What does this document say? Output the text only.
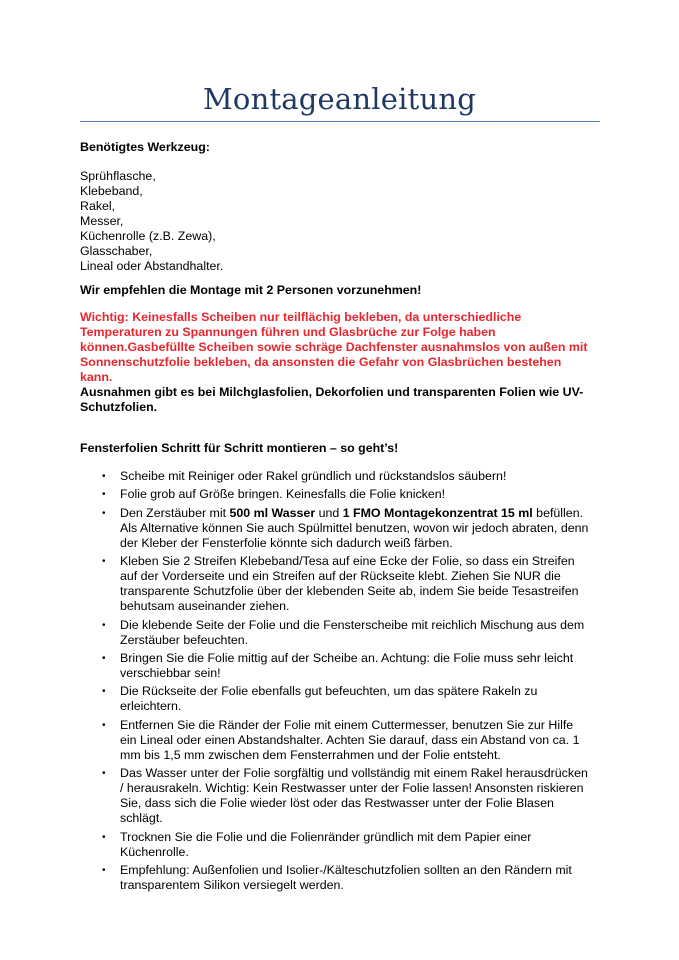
Montageanleitung
Benötigtes Werkzeug:
Sprühflasche,
Klebeband,
Rakel,
Messer,
Küchenrolle (z.B. Zewa),
Glasschaber,
Lineal oder Abstandhalter.
Wir empfehlen die Montage mit 2 Personen vorzunehmen!
Wichtig: Keinesfalls Scheiben nur teilflächig bekleben, da unterschiedliche
Temperaturen zu Spannungen führen und Glasbrüche zur Folge haben
können.Gasbefüllte Scheiben sowie schräge Dachfenster ausnahmslos von außen mit
Sonnenschutzfolie bekleben, da ansonsten die Gefahr von Glasbrüchen bestehen
kann.
Ausnahmen gibt es bei Milchglasfolien, Dekorfolien und transparenten Folien wie UV-
Schutzfolien.
Fensterfolien Schritt für Schritt montieren – so geht’s!
•
Scheibe mit Reiniger oder Rakel gründlich und rückstandslos säubern!
•
Folie grob auf Größe bringen. Keinesfalls die Folie knicken!
•
Den Zerstäuber mit 500 ml Wasser und 1 FMO Montagekonzentrat 15 ml befüllen.
Als Alternative können Sie auch Spülmittel benutzen, wovon wir jedoch abraten, denn
der Kleber der Fensterfolie könnte sich dadurch weiß färben.
•
Kleben Sie 2 Streifen Klebeband/Tesa auf eine Ecke der Folie, so dass ein Streifen
auf der Vorderseite und ein Streifen auf der Rückseite klebt. Ziehen Sie NUR die
transparente Schutzfolie über der klebenden Seite ab, indem Sie beide Tesastreifen
behutsam auseinander ziehen.
•
Die klebende Seite der Folie und die Fensterscheibe mit reichlich Mischung aus dem
Zerstäuber befeuchten.
•
Bringen Sie die Folie mittig auf der Scheibe an. Achtung: die Folie muss sehr leicht
verschiebbar sein!
•
Die Rückseite der Folie ebenfalls gut befeuchten, um das spätere Rakeln zu
erleichtern.
•
Entfernen Sie die Ränder der Folie mit einem Cuttermesser, benutzen Sie zur Hilfe
ein Lineal oder einen Abstandshalter. Achten Sie darauf, dass ein Abstand von ca. 1
mm bis 1,5 mm zwischen dem Fensterrahmen und der Folie entsteht.
•
Das Wasser unter der Folie sorgfältig und vollständig mit einem Rakel herausdrücken
/ herausrakeln. Wichtig: Kein Restwasser unter der Folie lassen! Ansonsten riskieren
Sie, dass sich die Folie wieder löst oder das Restwasser unter der Folie Blasen
schlägt.
•
Trocknen Sie die Folie und die Folienränder gründlich mit dem Papier einer
Küchenrolle.
•
Empfehlung: Außenfolien und Isolier-/Kälteschutzfolien sollten an den Rändern mit
transparentem Silikon versiegelt werden.
